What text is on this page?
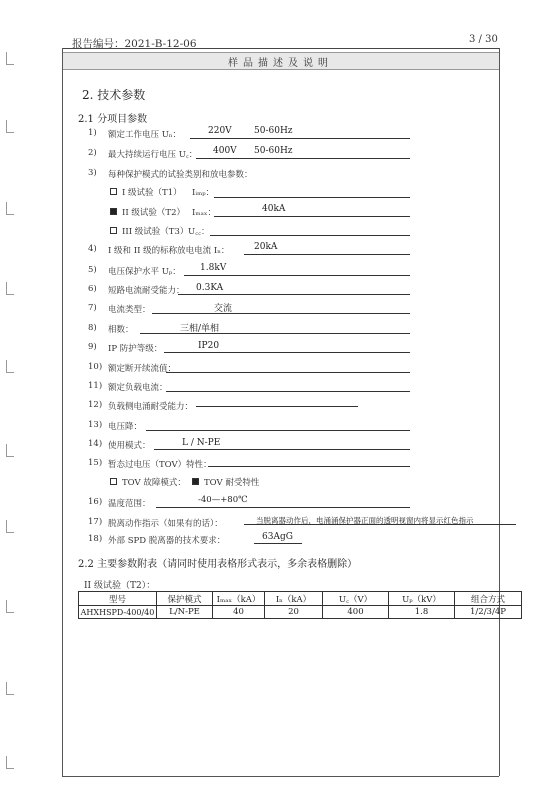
报告编号：2021-B-12-06	3 / 30
样品描述及说明
2. 技术参数
2.1 分项目参数
1) 额定工作电压 Uₙ：	220V 50-60Hz
2) 最大持续运行电压 U꜀： 400V 50-60Hz
3) 每种保护模式的试验类别和放电参数：
I 级试验（T1） Iᵢₘₚ：
II 级试验（T2） Iₘₐₓ：	40kA
III 级试验（T3） U꜀꜀：
4) I 级和 II 级的标称放电电流 Iₙ：	20kA
5) 电压保护水平 Uₚ： 1.8kV
6) 短路电流耐受能力： 0.3KA
7) 电流类型：	交流
8) 相数：	三相/单相
9) IP 防护等级：	IP20
10) 额定断开续流值：
11) 额定负载电流：
12) 负载侧电涌耐受能力：
13) 电压降：
14) 使用模式：	L / N-PE
15) 暂态过电压（TOV）特性：
TOV 故障模式： TOV 耐受特性
16) 温度范围：	-40—+80℃
17) 脱离动作指示（如果有的话）：	当脱离器动作后，电涌涌保护器正面的透明视窗内将显示红色指示
18) 外部 SPD 脱离器的技术要求：	63AgG
2.2 主要参数附表（请同时使用表格形式表示，多余表格删除）
II 级试验（T2）：
型号	保护模式	Iₘₐₓ（kA）	Iₙ（kA）	U꜀（V）	Uₚ（kV）	组合方式
AHXHSPD-400/40	L/N-PE	40	20	400	1.8	1/2/3/4P
